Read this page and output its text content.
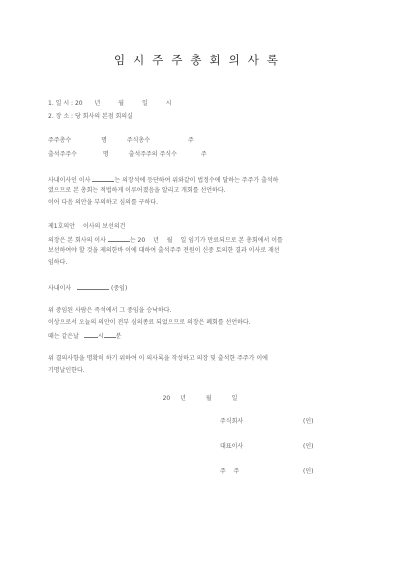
임시주주총회의사록
1. 일 시 : 20 년	월	일	시
2. 장 소 : 당 회사의 본점 회의실
주주총수	명	주식총수	주
출석주주수	명	출석주주의 주식수	주
사내이사인 이사	는 의장석에 등단하여 위와같이 법정수에 달하는 주주가 출석하
였으므로 본 총회는 적법하게 이루어졌음을 알리고 개회를 선언하다.
이어 다음 의안을 부의하고 심의를 구하다.
제1호의안 이사의 보선의건
의장은 본 회사의 이사	는 20 년 월 일 임기가 만료되므로 본 총회에서 이를
보선하여야 할 것을 제의한바 이에 대하여 출석주주 전원이 신중 토의한 결과 이사로 재선
임하다.
사내이사	(중임)
위 중임된 사람은 즉석에서 그 중임을 승낙하다.
이상으로서 오늘의 의안이 전부 심의종료 되었으므로 의장은 폐회를 선언하다.
때는 같은날	시 분
위 결의사항을 명확히 하기 위하여 이 의사록을 작성하고 의장 및 출석한 주주가 이에
기명날인한다.
20 년	월	일
주식회사	(인)
대표이사	(인)
주    주	(인)
